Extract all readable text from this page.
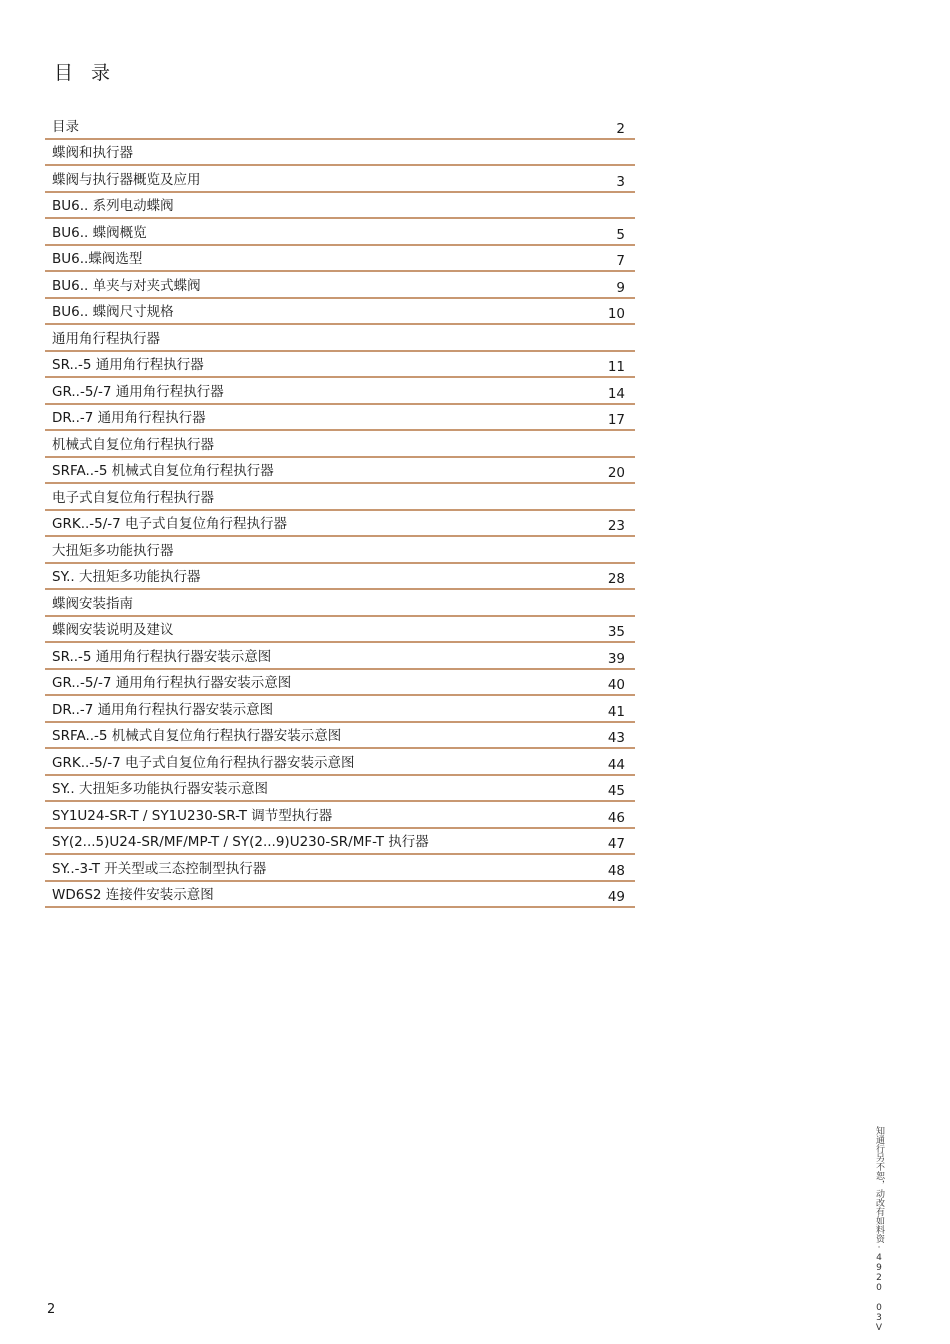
目 录
目录	2
蝶阀和执行器
蝶阀与执行器概览及应用	3
BU6.. 系列电动蝶阀
BU6.. 蝶阀概览	5
BU6..蝶阀选型	7
BU6.. 单夹与对夹式蝶阀	9
BU6.. 蝶阀尺寸规格	10
通用角行程执行器
SR..-5 通用角行程执行器	11
GR..-5/-7 通用角行程执行器	14
DR..-7 通用角行程执行器	17
机械式自复位角行程执行器
SRFA..-5 机械式自复位角行程执行器	20
电子式自复位角行程执行器
GRK..-5/-7 电子式自复位角行程执行器	23
大扭矩多功能执行器
SY.. 大扭矩多功能执行器	28
蝶阀安装指南
蝶阀安装说明及建议	35
SR..-5 通用角行程执行器安装示意图	39
GR..-5/-7 通用角行程执行器安装示意图	40
DR..-7 通用角行程执行器安装示意图	41
SRFA..-5 机械式自复位角行程执行器安装示意图	43
GRK..-5/-7 电子式自复位角行程执行器安装示意图	44
SY.. 大扭矩多功能执行器安装示意图	45
SY1U24-SR-T / SY1U230-SR-T 调节型执行器	46
SY(2...5)U24-SR/MF/MP-T / SY(2...9)U230-SR/MF-T 执行器	47
SY..-3-T 开关型或三态控制型执行器	48
WD6S2 连接件安装示意图	49
2	知通行另不恕，动改有如料资·4920 03V
